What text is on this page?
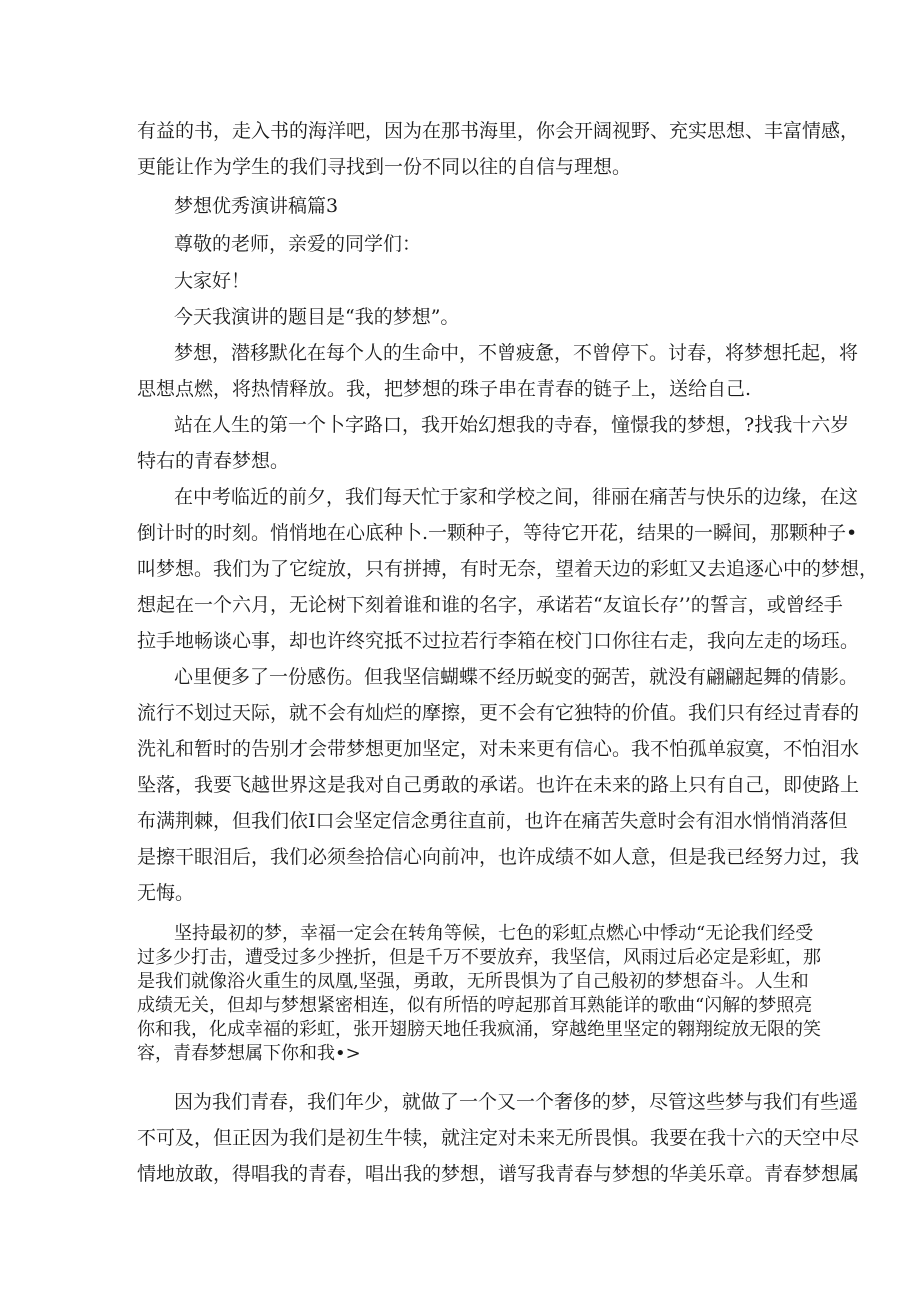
有益的书，走入书的海洋吧，因为在那书海里，你会开阔视野、充实思想、丰富情感，
更能让作为学生的我们寻找到一份不同以往的自信与理想。
梦想优秀演讲稿篇3
尊敬的老师，亲爱的同学们：
大家好！
今天我演讲的题目是“我的梦想”。
梦想，潜移默化在每个人的生命中，不曾疲惫，不曾停下。讨春，将梦想托起，将
思想点燃，将热情释放。我，把梦想的珠子串在青春的链子上，送给自己.
站在人生的第一个卜字路口，我开始幻想我的寺春，憧憬我的梦想，?找我十六岁
特右的青春梦想。
在中考临近的前夕，我们每天忙于家和学校之间，徘丽在痛苦与快乐的边缘，在这
倒计时的时刻。悄悄地在心底种卜.一颗种子，等待它开花，结果的一瞬间，那颗种子•
叫梦想。我们为了它绽放，只有拼搏，有时无奈，望着天边的彩虹又去追逐心中的梦想，
想起在一个六月，无论树下刻着谁和谁的名字，承诺若“友谊长存’’的誓言，或曾经手
拉手地畅谈心事，却也许终究抵不过拉若行李箱在校门口你往右走，我向左走的场珏。
心里便多了一份感伤。但我坚信蝴蝶不经历蜕变的弼苦，就没有翩翩起舞的倩影。
流行不划过天际，就不会有灿烂的摩擦，更不会有它独特的价值。我们只有经过青春的
洗礼和暂时的告别才会带梦想更加坚定，对未来更有信心。我不怕孤单寂寞，不怕泪水
坠落，我要飞越世界这是我对自己勇敢的承诺。也许在未来的路上只有自己，即使路上
布满荆棘，但我们依I口会坚定信念勇往直前，也许在痛苦失意时会有泪水悄悄消落但
是擦干眼泪后，我们必须叁拾信心向前冲，也许成绩不如人意，但是我已经努力过，我
无悔。
坚持最初的梦，幸福一定会在转角等候，七色的彩虹点燃心中悸动“无论我们经受
过多少打击，遭受过多少挫折，但是千万不要放弃，我坚信，风雨过后必定是彩虹，那
是我们就像浴火重生的凤凰,坚强，勇敢，无所畏惧为了自己般初的梦想奋斗。人生和
成绩无关，但却与梦想紧密相连，似有所悟的哼起那首耳熟能详的歌曲“闪解的梦照亮
你和我，化成幸福的彩虹，张开翅膀天地任我疯涌，穿越绝里坚定的翱翔绽放无限的笑
容，青春梦想属下你和我•>
因为我们青春，我们年少，就做了一个又一个奢侈的梦，尽管这些梦与我们有些遥
不可及，但正因为我们是初生牛犊，就注定对未来无所畏惧。我要在我十六的天空中尽
情地放敢，得唱我的青春，唱出我的梦想，谱写我青春与梦想的华美乐章。青春梦想属
